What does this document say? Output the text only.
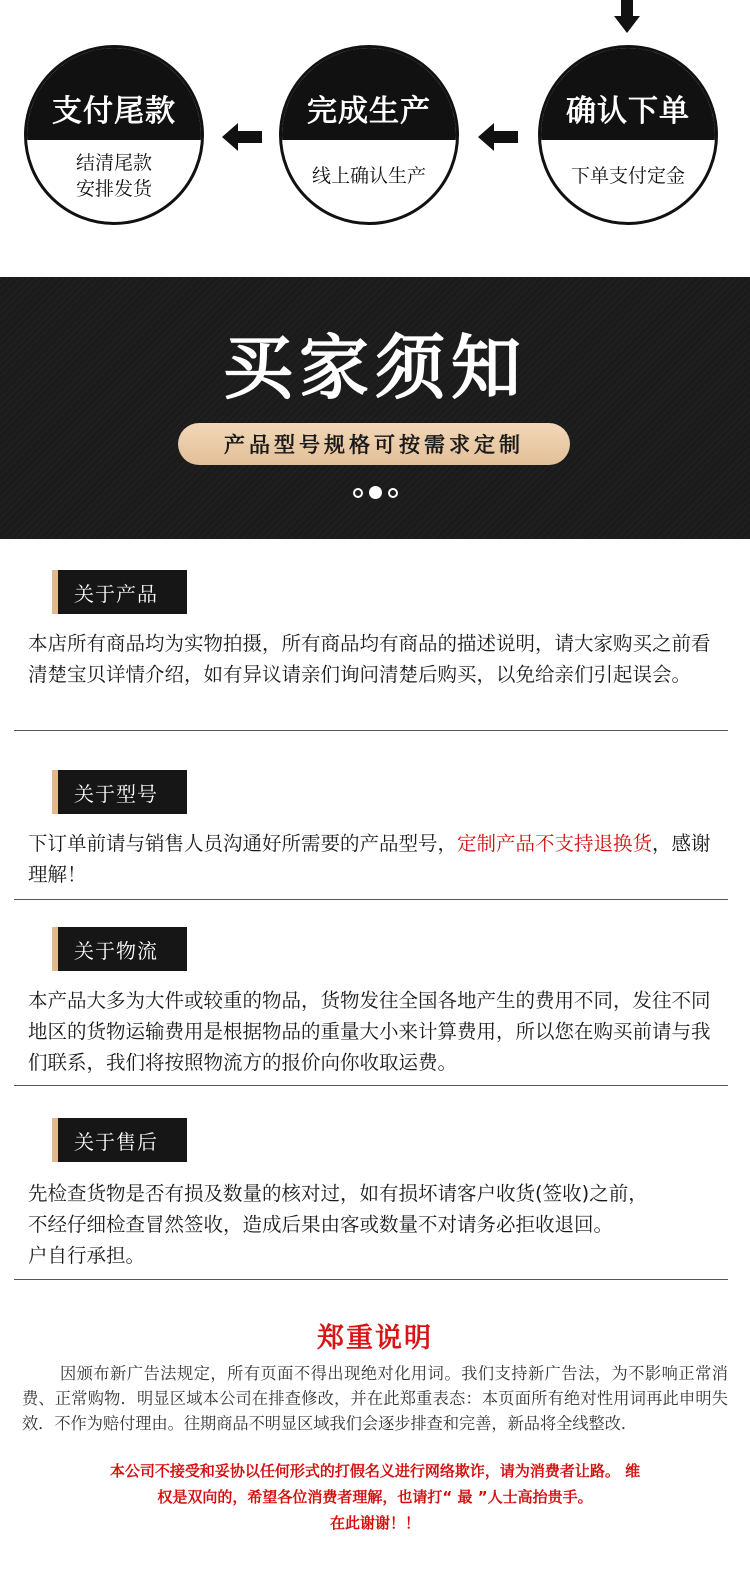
支付尾款
结清尾款
安排发货
完成生产
线上确认生产
确认下单
下单支付定金
买家须知
产品型号规格可按需求定制
关于产品
本店所有商品均为实物拍摄，所有商品均有商品的描述说明，请大家购买之前看清楚宝贝详情介绍，如有异议请亲们询问清楚后购买，以免给亲们引起误会。
关于型号
下订单前请与销售人员沟通好所需要的产品型号，定制产品不支持退换货，感谢理解！
关于物流
本产品大多为大件或较重的物品，货物发往全国各地产生的费用不同，发往不同地区的货物运输费用是根据物品的重量大小来计算费用，所以您在购买前请与我们联系，我们将按照物流方的报价向你收取运费。
关于售后
先检查货物是否有损及数量的核对过，如有损坏请客户收货(签收)之前，
不经仔细检查冒然签收，造成后果由客或数量不对请务必拒收退回。
户自行承担。
郑重说明
因颁布新广告法规定，所有页面不得出现绝对化用词。我们支持新广告法，为不影响正常消费、正常购物．明显区域本公司在排查修改，并在此郑重表态：本页面所有绝对性用词再此申明失效．不作为赔付理由。往期商品不明显区域我们会逐步排查和完善，新品将全线整改．
本公司不接受和妥协以任何形式的打假名义进行网络欺诈，请为消费者让路。 维
权是双向的，希望各位消费者理解，也请打“ 最 ”人士高抬贵手。
在此谢谢！！
